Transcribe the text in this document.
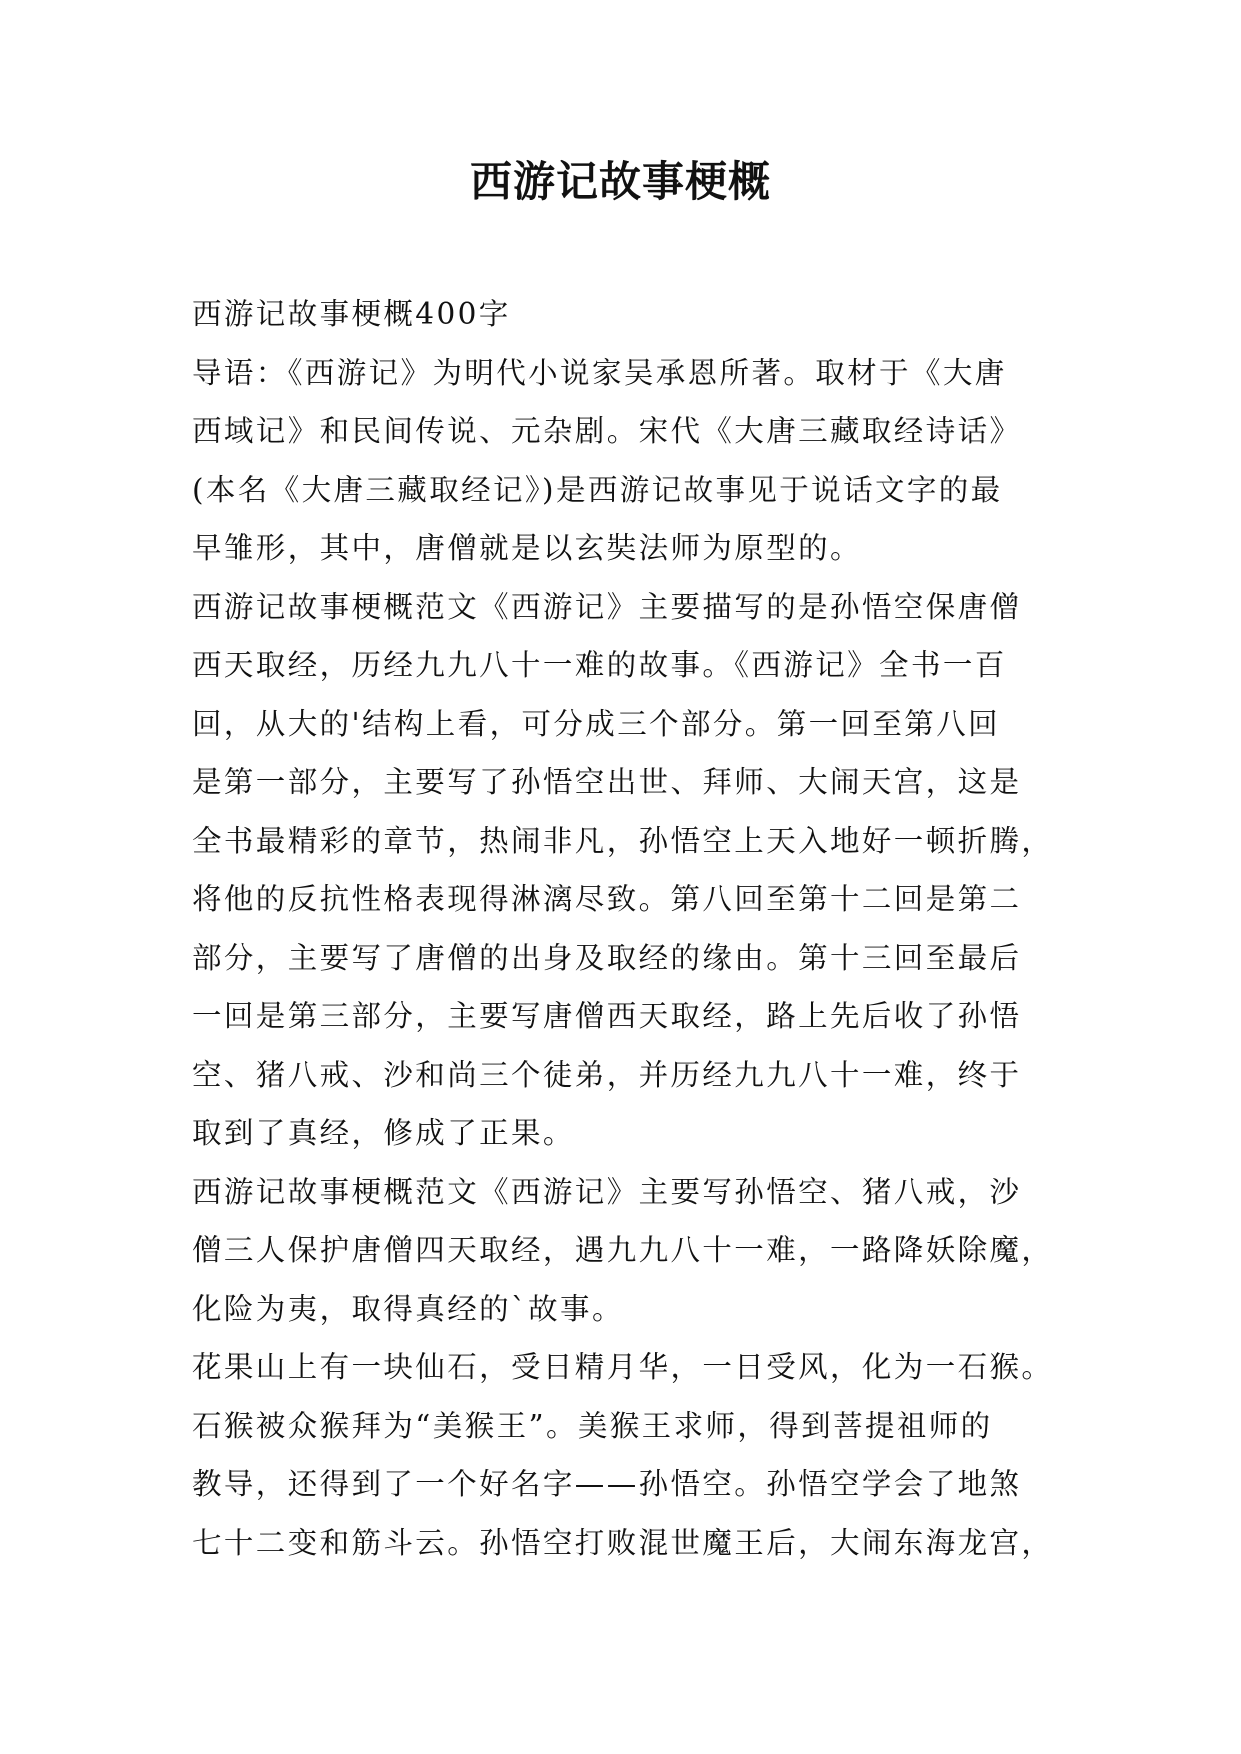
西游记故事梗概
西游记故事梗概400字
导语：《西游记》为明代小说家吴承恩所著。取材于《大唐
西域记》和民间传说、元杂剧。宋代《大唐三藏取经诗话》
(本名《大唐三藏取经记》)是西游记故事见于说话文字的最
早雏形，其中，唐僧就是以玄奘法师为原型的。
西游记故事梗概范文《西游记》主要描写的是孙悟空保唐僧
西天取经，历经九九八十一难的故事。《西游记》全书一百
回，从大的'结构上看，可分成三个部分。第一回至第八回
是第一部分，主要写了孙悟空出世、拜师、大闹天宫，这是
全书最精彩的章节，热闹非凡，孙悟空上天入地好一顿折腾，
将他的反抗性格表现得淋漓尽致。第八回至第十二回是第二
部分，主要写了唐僧的出身及取经的缘由。第十三回至最后
一回是第三部分，主要写唐僧西天取经，路上先后收了孙悟
空、猪八戒、沙和尚三个徒弟，并历经九九八十一难，终于
取到了真经，修成了正果。
西游记故事梗概范文《西游记》主要写孙悟空、猪八戒，沙
僧三人保护唐僧四天取经，遇九九八十一难，一路降妖除魔，
化险为夷，取得真经的`故事。
花果山上有一块仙石，受日精月华，一日受风，化为一石猴。
石猴被众猴拜为“美猴王”。美猴王求师，得到菩提祖师的
教导，还得到了一个好名字——孙悟空。孙悟空学会了地煞
七十二变和筋斗云。孙悟空打败混世魔王后，大闹东海龙宫，
